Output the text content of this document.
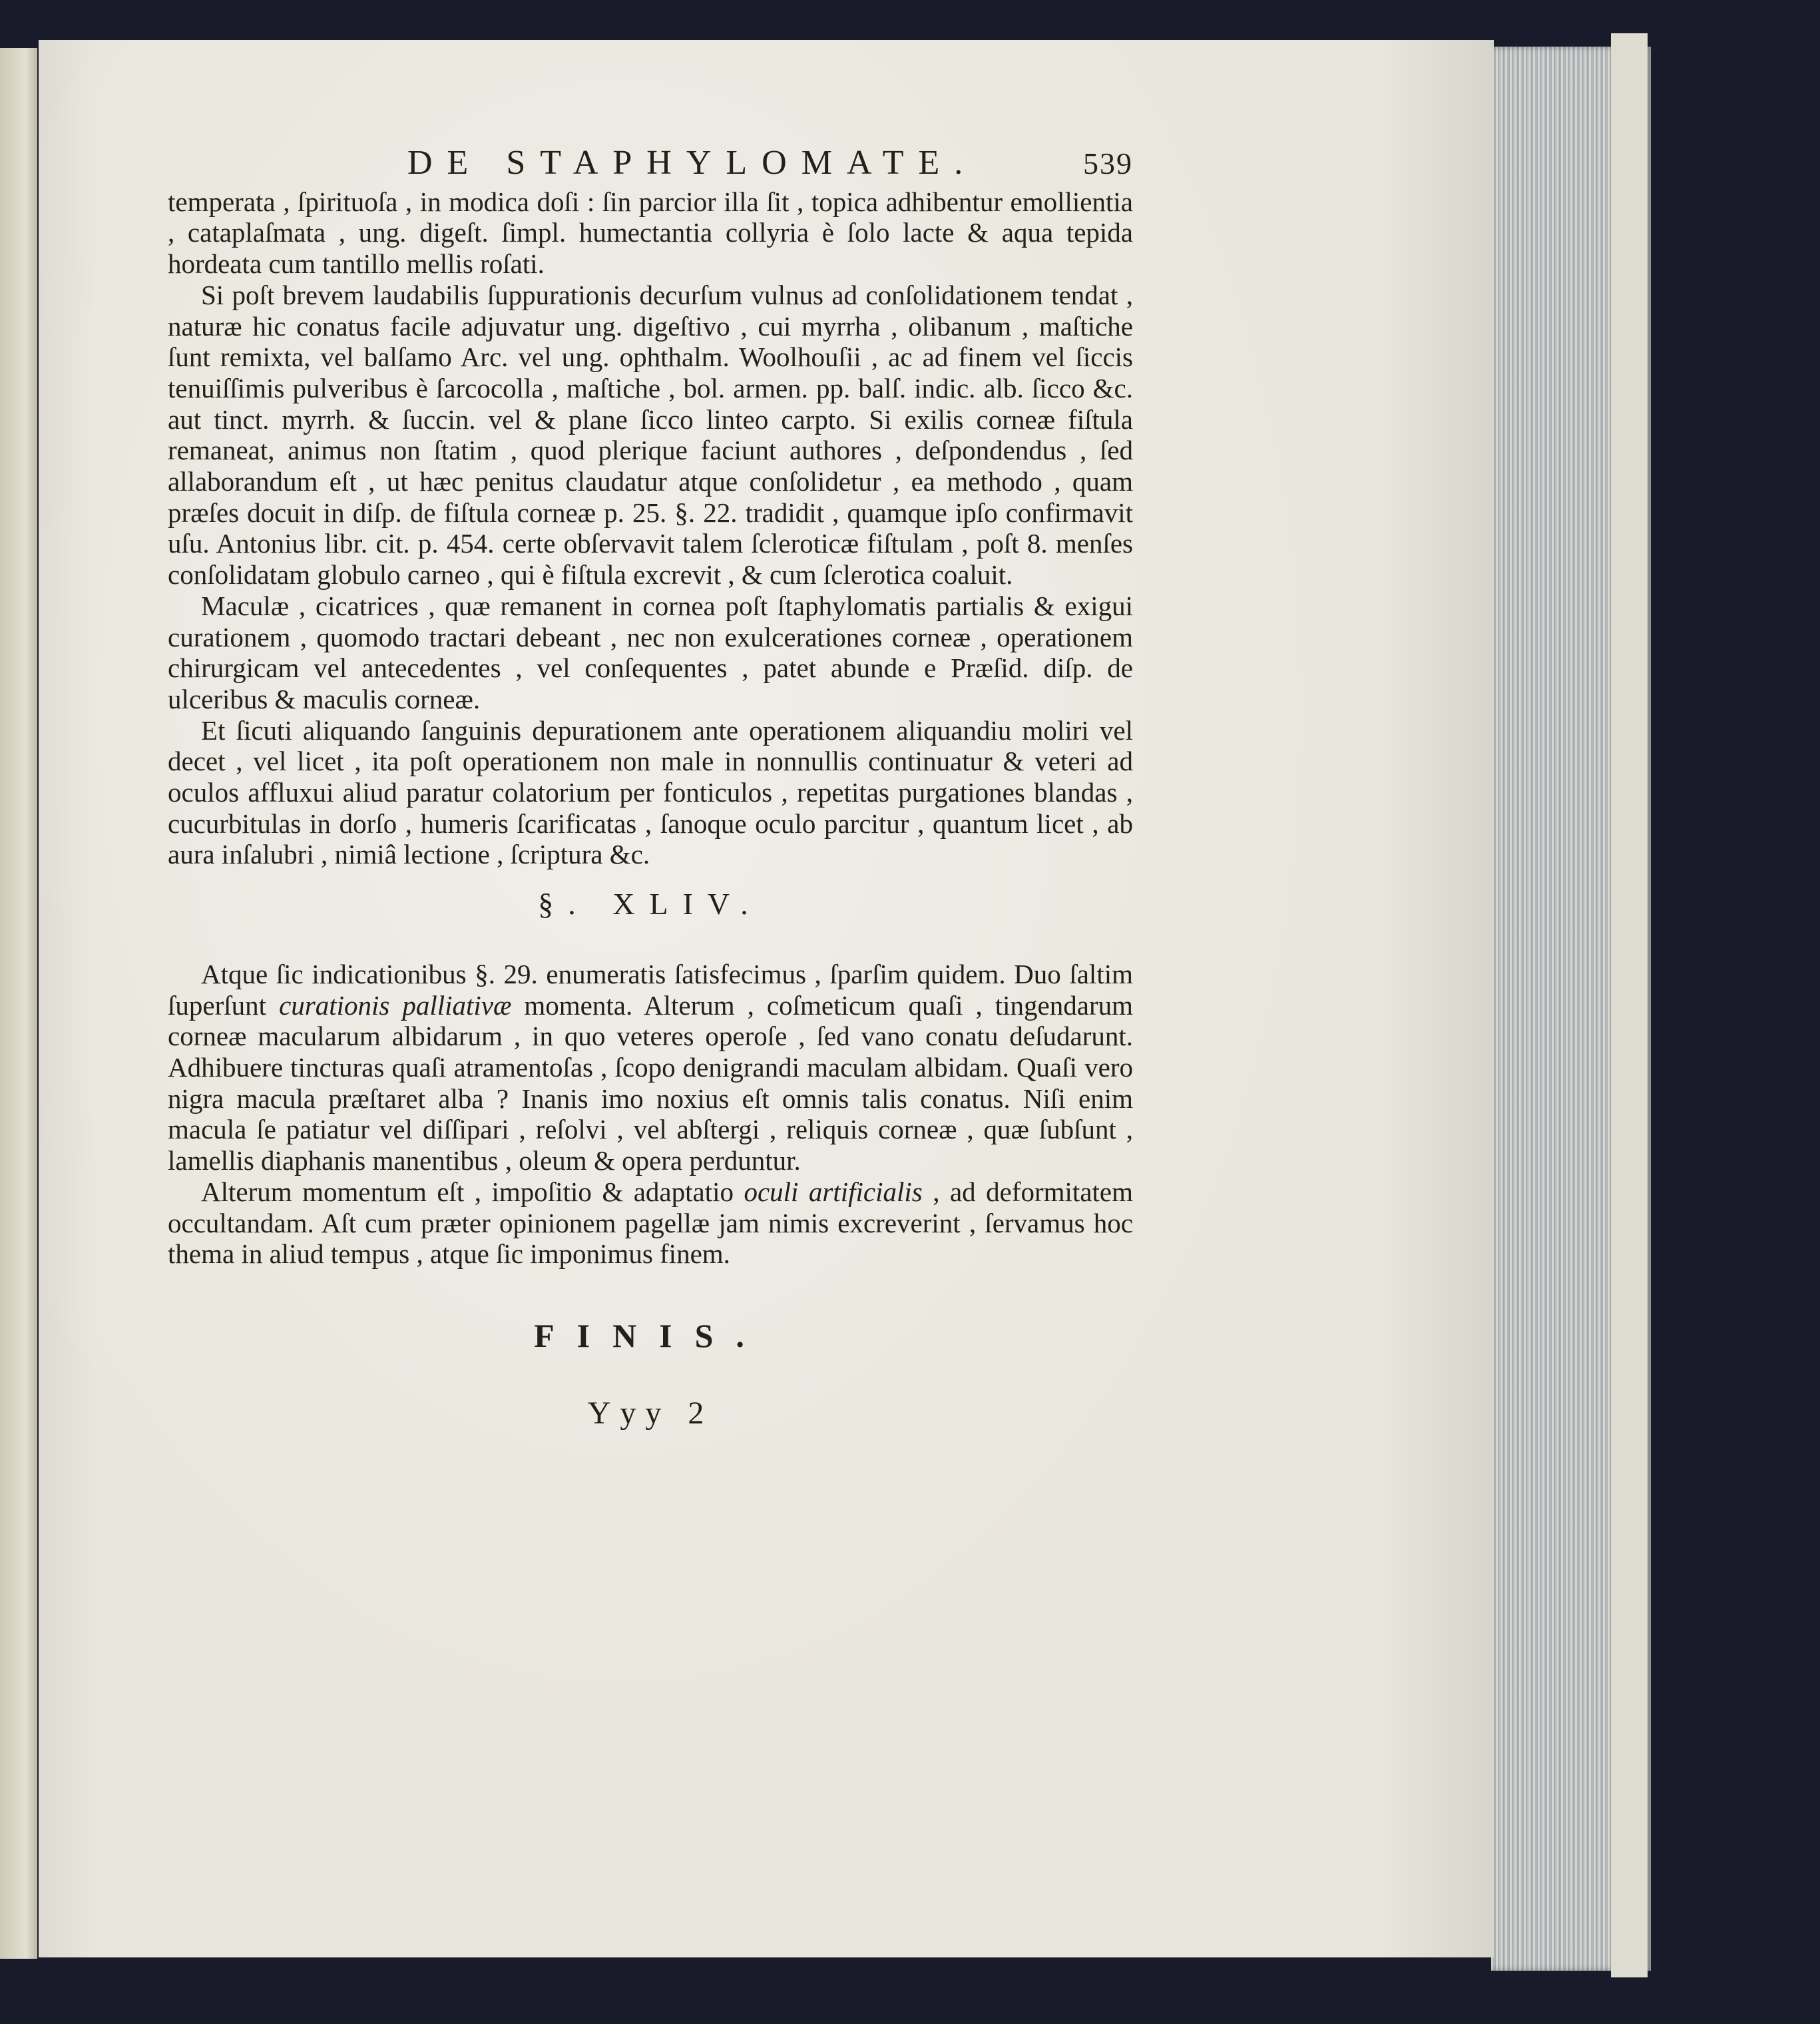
DE STAPHYLOMATE.	539

temperata , ſpirituoſa , in modica doſi : ſin parcior illa ſit , topica adhibentur emollientia , cataplaſmata , ung. digeſt. ſimpl. humectantia collyria è ſolo lacte & aqua tepida hordeata cum tantillo mellis roſati.

Si poſt brevem laudabilis ſuppurationis decurſum vulnus ad conſolidationem tendat , naturæ hic conatus facile adjuvatur ung. digeſtivo , cui myrrha , olibanum , maſtiche ſunt remixta, vel balſamo Arc. vel ung. ophthalm. Woolhouſii , ac ad finem vel ſiccis tenuiſſimis pulveribus è ſarcocolla , maſtiche , bol. armen. pp. balſ. indic. alb. ſicco &c. aut tinct. myrrh. & ſuccin. vel & plane ſicco linteo carpto. Si exilis corneæ fiſtula remaneat, animus non ſtatim , quod plerique faciunt authores , deſpondendus , ſed allaborandum eſt , ut hæc penitus claudatur atque conſolidetur , ea methodo , quam præſes docuit in diſp. de fiſtula corneæ p. 25. §. 22. tradidit , quamque ipſo confirmavit uſu. Antonius libr. cit. p. 454. certe obſervavit talem ſcleroticæ fiſtulam , poſt 8. menſes conſolidatam globulo carneo , qui è fiſtula excrevit , & cum ſclerotica coaluit.

Maculæ , cicatrices , quæ remanent in cornea poſt ſtaphylomatis partialis & exigui curationem , quomodo tractari debeant , nec non exulcerationes corneæ , operationem chirurgicam vel antecedentes , vel conſequentes , patet abunde e Præſid. diſp. de ulceribus & maculis corneæ.

Et ſicuti aliquando ſanguinis depurationem ante operationem aliquandiu moliri vel decet , vel licet , ita poſt operationem non male in nonnullis continuatur & veteri ad oculos affluxui aliud paratur colatorium per fonticulos , repetitas purgationes blandas , cucurbitulas in dorſo , humeris ſcarificatas , ſanoque oculo parcitur , quantum licet , ab aura inſalubri , nimiâ lectione , ſcriptura &c.

§. XLIV.

Atque ſic indicationibus §. 29. enumeratis ſatisfecimus , ſparſim quidem. Duo ſaltim ſuperſunt curationis palliativæ momenta. Alterum , coſmeticum quaſi , tingendarum corneæ macularum albidarum , in quo veteres operoſe , ſed vano conatu deſudarunt. Adhibuere tincturas quaſi atramentoſas , ſcopo denigrandi maculam albidam. Quaſi vero nigra macula præſtaret alba ? Inanis imo noxius eſt omnis talis conatus. Niſi enim macula ſe patiatur vel diſſipari , reſolvi , vel abſtergi , reliquis corneæ , quæ ſubſunt , lamellis diaphanis manentibus , oleum & opera perduntur.

Alterum momentum eſt , impoſitio & adaptatio oculi artificialis , ad deformitatem occultandam. Aſt cum præter opinionem pagellæ jam nimis excreverint , ſervamus hoc thema in aliud tempus , atque ſic imponimus finem.

FINIS.
Yyy 2
